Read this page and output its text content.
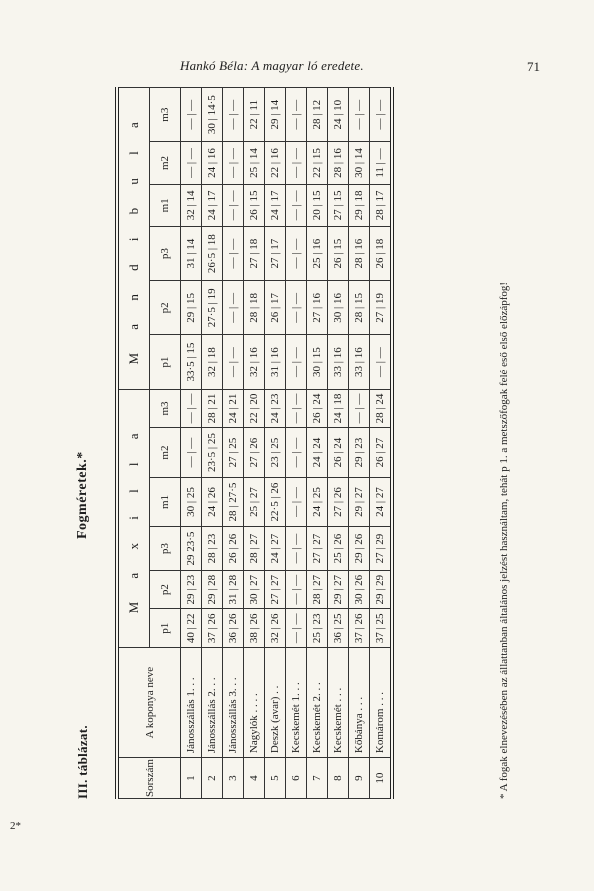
Hankó Béla: A magyar ló eredete.	71
2*
III. táblázat.
Fogméretek.*
Sorszám	A koponya neve	M a x i l l a						M a n d i b u l a					
		p1	p2	p3	m1	m2	m3	p1	p2	p3	m1	m2	m3
1	Jánosszállás 1. . .	40 | 22	29 | 23	29 23·5	30 | 25	— | —	— | —	33·5 | 15	29 | 15	31 | 14	32 | 14	— | —	— | —
2	Jánosszállás 2. . .	37 | 26	29 | 28	28 | 23	24 | 26	23·5 | 25	28 | 21	32 | 18	27·5 | 19	26·5 | 18	24 | 17	24 | 16	30 | 14·5
3	Jánosszállás 3. . .	36 | 26	31 | 28	26 | 26	28 | 27·5	27 | 25	24 | 21	— | —	— | —	— | —	— | —	— | —	— | —
4	Nagylók . . . .	38 | 26	30 | 27	28 | 27	25 | 27	27 | 26	22 | 20	32 | 16	28 | 18	27 | 18	26 | 15	25 | 14	22 | 11
5	Deszk (avar) . .	32 | 26	27 | 27	24 | 27	22·5 | 26	23 | 25	24 | 23	31 | 16	26 | 17	27 | 17	24 | 17	22 | 16	29 | 14
6	Kecskemét 1. . .	— | —	— | —	— | —	— | —	— | —	— | —	— | —	— | —	— | —	— | —	— | —	— | —
7	Kecskemét 2. . .	25 | 23	28 | 27	27 | 27	24 | 25	24 | 24	26 | 24	30 | 15	27 | 16	25 | 16	20 | 15	22 | 15	28 | 12
8	Kecskemét . . .	36 | 25	29 | 27	25 | 26	27 | 26	26 | 24	24 | 18	33 | 16	30 | 16	26 | 15	27 | 15	28 | 16	24 | 10
9	Kőbánya . . .	37 | 26	30 | 26	29 | 26	29 | 27	29 | 23	— | —	33 | 16	28 | 15	28 | 16	29 | 18	30 | 14	— | —
10	Komárom . . .	37 | 25	29 | 29	27 | 29	24 | 27	26 | 27	28 | 24	— | —	27 | 19	26 | 18	28 | 17	11 | —	— | —
* A fogak elnevezésében az állattanban általános jelzést használtam, tehát p 1. a metszőfogak felé eső első előzápfog!
